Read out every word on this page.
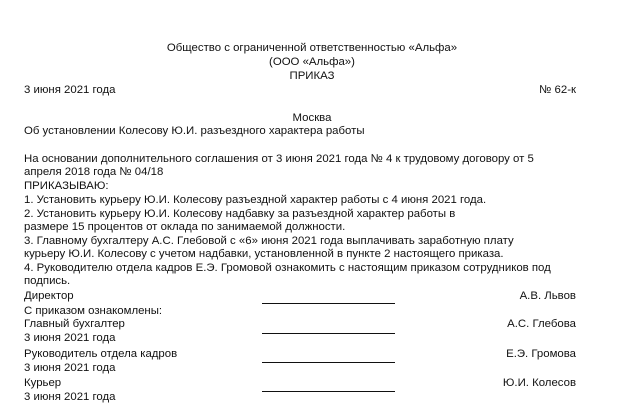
Общество с ограниченной ответственностью «Альфа»
(ООО «Альфа»)
ПРИКАЗ
3 июня 2021 года	№ 62-к
Москва
Об установлении Колесову Ю.И. разъездного характера работы
На основании дополнительного соглашения от 3 июня 2021 года № 4 к трудовому договору от 5
апреля 2018 года № 04/18
ПРИКАЗЫВАЮ:
1. Установить курьеру Ю.И. Колесову разъездной характер работы с 4 июня 2021 года.
2. Установить курьеру Ю.И. Колесову надбавку за разъездной характер работы в
размере 15 процентов от оклада по занимаемой должности.
3. Главному бухгалтеру А.С. Глебовой с «6» июня 2021 года выплачивать заработную плату
курьеру Ю.И. Колесову с учетом надбавки, установленной в пункте 2 настоящего приказа.
4. Руководителю отдела кадров Е.Э. Громовой ознакомить с настоящим приказом сотрудников под
подпись.
Директор	А.В. Львов
С приказом ознакомлены:
Главный бухгалтер	А.С. Глебова
3 июня 2021 года
Руководитель отдела кадров	Е.Э. Громова
3 июня 2021 года
Курьер	Ю.И. Колесов
3 июня 2021 года
